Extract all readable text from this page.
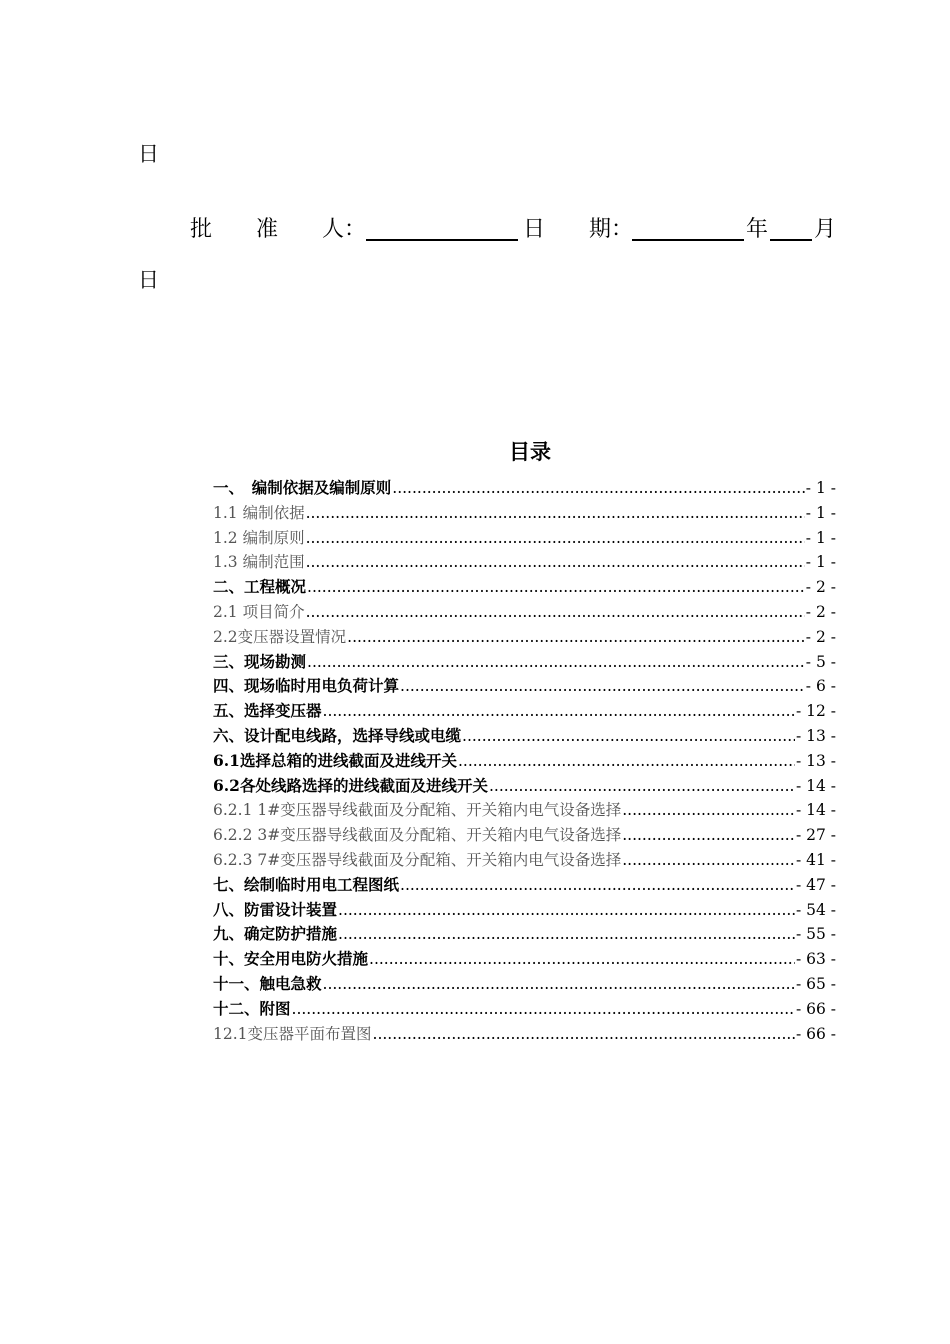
日
批　　准　　人：	日　　期：	年 月
日
目录
一、　编制依据及编制原则 .....	- 1 -
1.1 编制依据 .....	- 1 -
1.2 编制原则 .....	- 1 -
1.3 编制范围 .....	- 1 -
二、工程概况 .....	- 2 -
2.1 项目简介 .....	- 2 -
2.2变压器设置情况 .....	- 2 -
三、现场勘测 .....	- 5 -
四、现场临时用电负荷计算 .....	- 6 -
五、选择变压器 .....	- 12 -
六、设计配电线路，选择导线或电缆 .....	- 13 -
6.1选择总箱的进线截面及进线开关 .....	- 13 -
6.2各处线路选择的进线截面及进线开关 .....	- 14 -
6.2.1 1#变压器导线截面及分配箱、开关箱内电气设备选择 .....	- 14 -
6.2.2 3#变压器导线截面及分配箱、开关箱内电气设备选择 .....	- 27 -
6.2.3 7#变压器导线截面及分配箱、开关箱内电气设备选择 .....	- 41 -
七、绘制临时用电工程图纸 .....	- 47 -
八、防雷设计装置 .....	- 54 -
九、确定防护措施 .....	- 55 -
十、安全用电防火措施 .....	- 63 -
十一、触电急救 .....	- 65 -
十二、附图 .....	- 66 -
12.1变压器平面布置图 .....	- 66 -
